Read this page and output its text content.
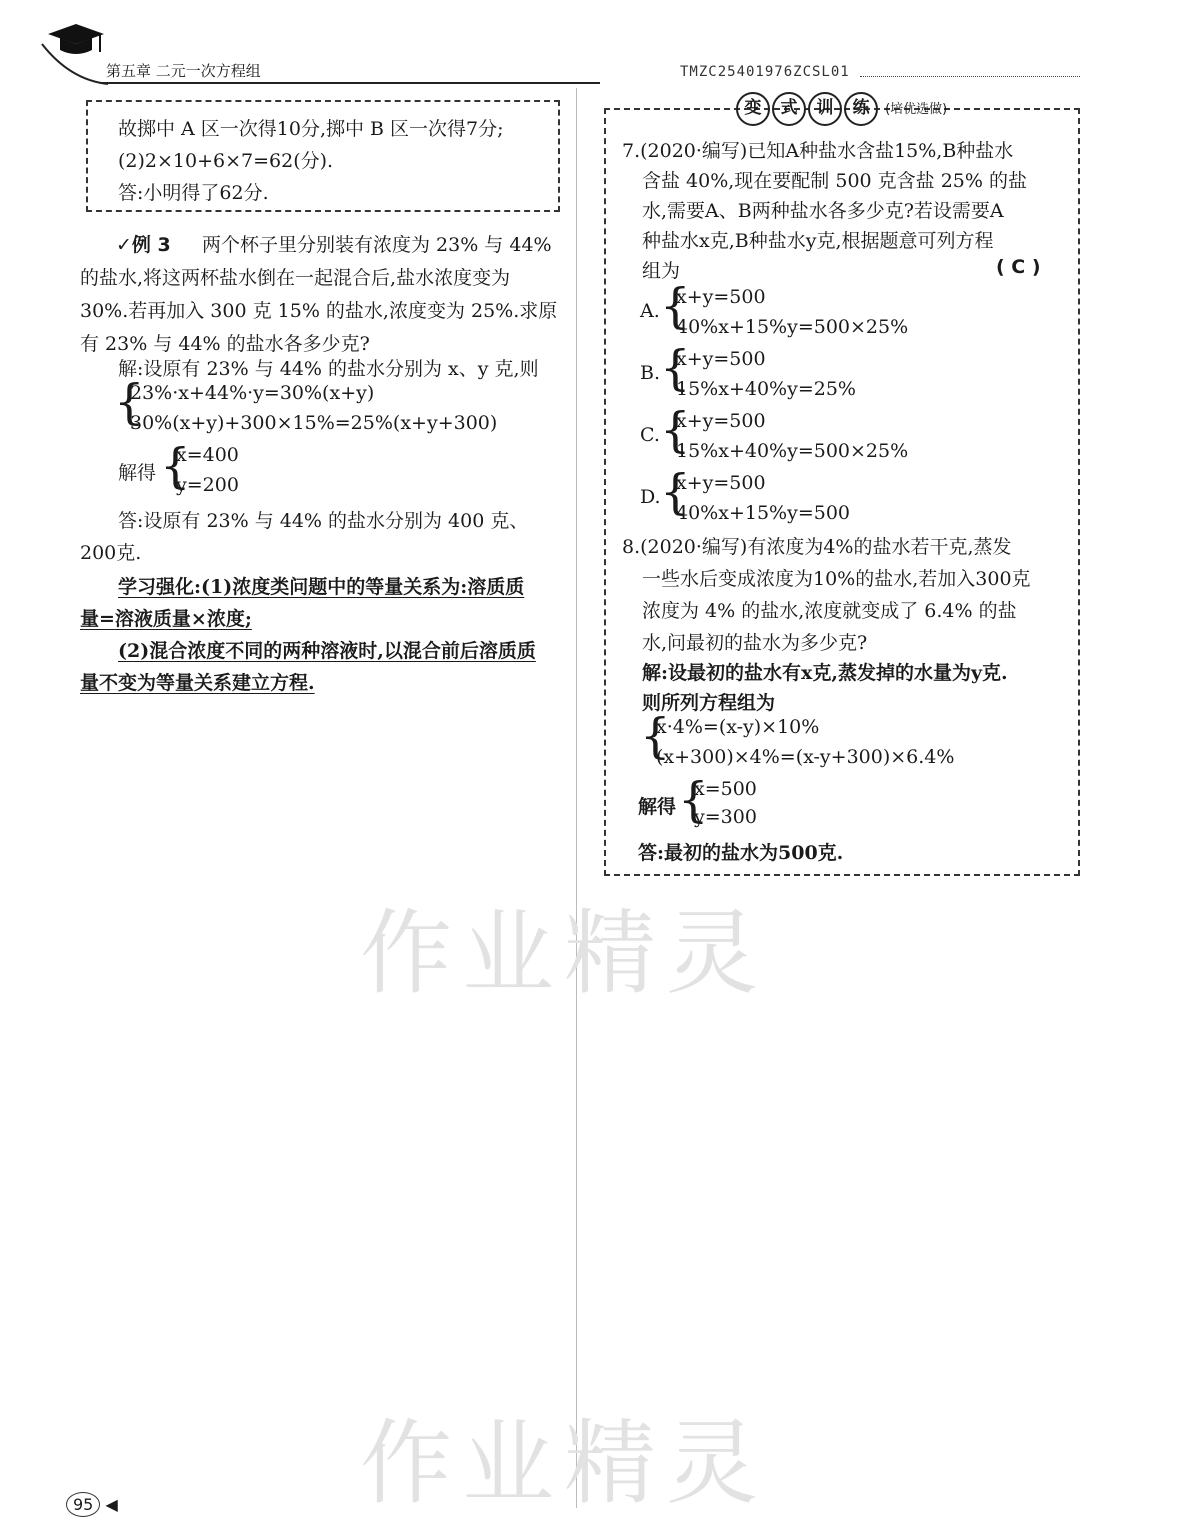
第五章 二元一次方程组	TMZC25401976ZCSL01
故掷中 A 区一次得10分,掷中 B 区一次得7分;
(2)2×10+6×7=62(分).
答:小明得了62分.
✓例 3 两个杯子里分别装有浓度为 23% 与 44%
的盐水,将这两杯盐水倒在一起混合后,盐水浓度变为
30%.若再加入 300 克 15% 的盐水,浓度变为 25%.求原
有 23% 与 44% 的盐水各多少克?
解:设原有 23% 与 44% 的盐水分别为 x、y 克,则
{
23%·x+44%·y=30%(x+y)
30%(x+y)+300×15%=25%(x+y+300)
解得 {
x=400
y=200
答:设原有 23% 与 44% 的盐水分别为 400 克、
200克.
学习强化:(1)浓度类问题中的等量关系为:溶质质
量=溶液质量×浓度;
(2)混合浓度不同的两种溶液时,以混合前后溶质质
量不变为等量关系建立方程.
变 式 训 练 (培优选做)
7.(2020·编写)已知A种盐水含盐15%,B种盐水
含盐 40%,现在要配制 500 克含盐 25% 的盐
水,需要A、B两种盐水各多少克?若设需要A
种盐水x克,B种盐水y克,根据题意可列方程
组为	( C )
A. {
x+y=500
40%x+15%y=500×25%
B. {
x+y=500
15%x+40%y=25%
C. {
x+y=500
15%x+40%y=500×25%
D. {
x+y=500
40%x+15%y=500
8.(2020·编写)有浓度为4%的盐水若干克,蒸发
一些水后变成浓度为10%的盐水,若加入300克
浓度为 4% 的盐水,浓度就变成了 6.4% 的盐
水,问最初的盐水为多少克?
解:设最初的盐水有x克,蒸发掉的水量为y克.
则所列方程组为
{
x·4%=(x-y)×10%
(x+300)×4%=(x-y+300)×6.4%
解得 {
x=500
y=300
答:最初的盐水为500克.
作业精灵
作业精灵
95 ◀
